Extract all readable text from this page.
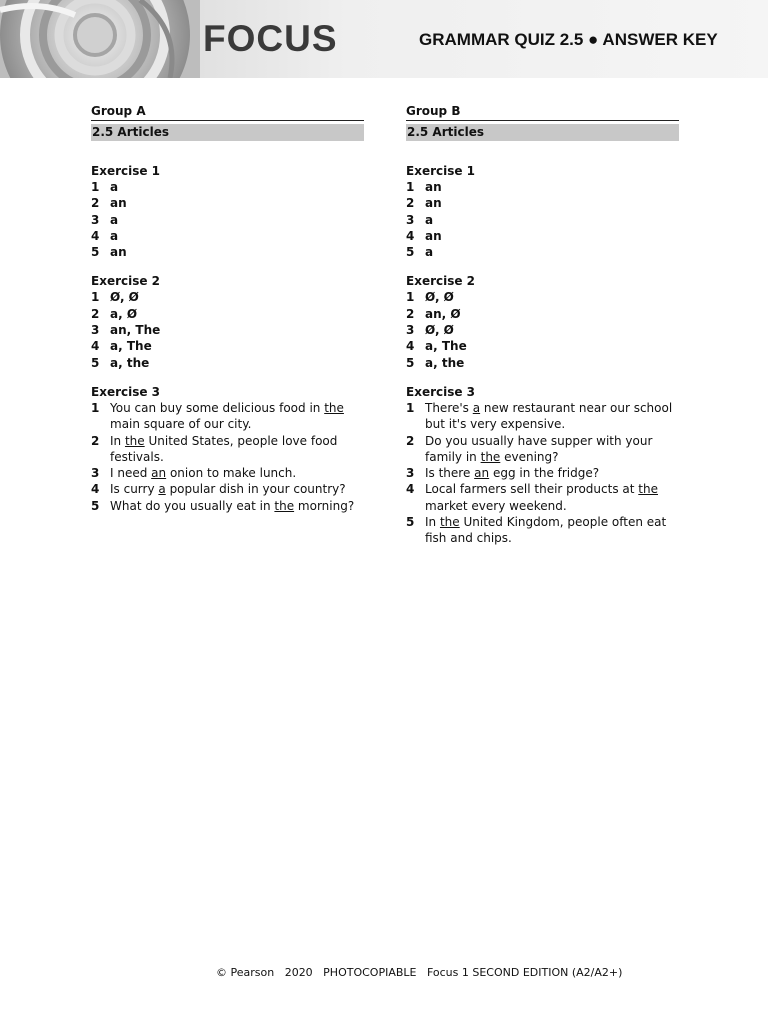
FOCUS	GRAMMAR QUIZ 2.5 ● ANSWER KEY
Group A
2.5 Articles
Exercise 1
1 a
2 an
3 a
4 a
5 an
Exercise 2
1 Ø, Ø
2 a, Ø
3 an, The
4 a, The
5 a, the
Exercise 3
1 You can buy some delicious food in the main square of our city.
2 In the United States, people love food festivals.
3 I need an onion to make lunch.
4 Is curry a popular dish in your country?
5 What do you usually eat in the morning?
Group B
2.5 Articles
Exercise 1
1 an
2 an
3 a
4 an
5 a
Exercise 2
1 Ø, Ø
2 an, Ø
3 Ø, Ø
4 a, The
5 a, the
Exercise 3
1 There's a new restaurant near our school but it's very expensive.
2 Do you usually have supper with your family in the evening?
3 Is there an egg in the fridge?
4 Local farmers sell their products at the market every weekend.
5 In the United Kingdom, people often eat fish and chips.
© Pearson   2020   PHOTOCOPIABLE   Focus 1 SECOND EDITION (A2/A2+)
